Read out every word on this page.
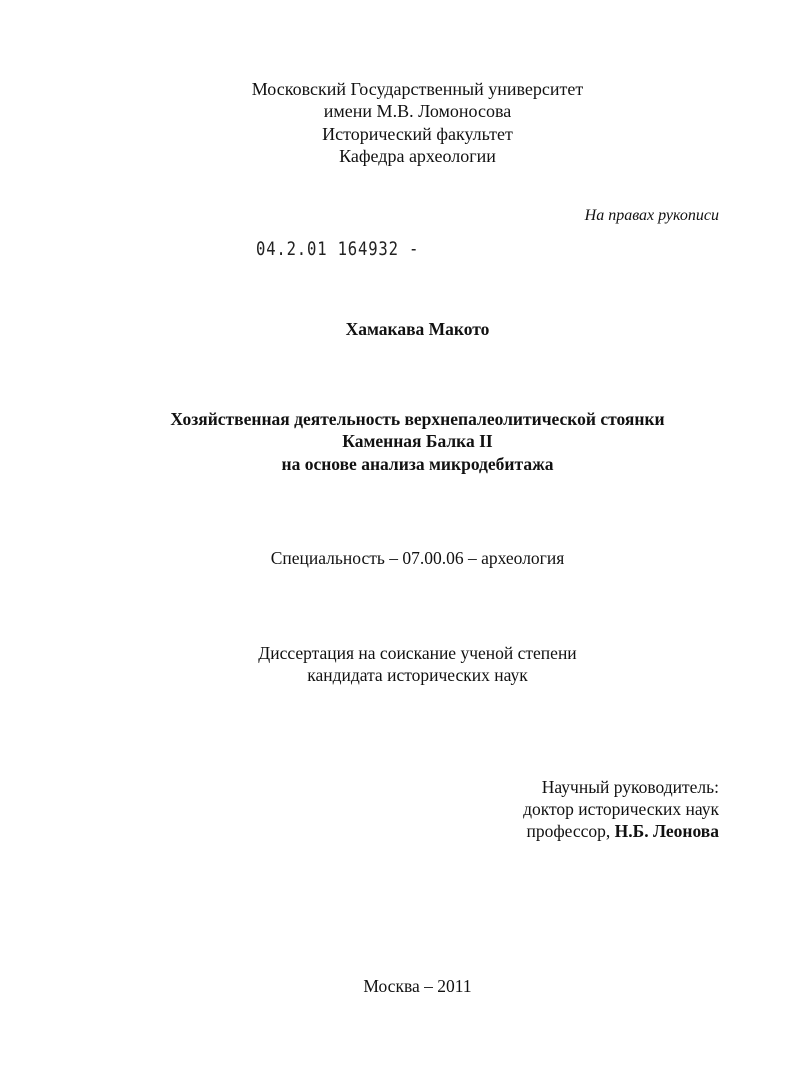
Московский Государственный университет
имени М.В. Ломоносова
Исторический факультет
Кафедра археологии
На правах рукописи
04.2.01 164932 -
Хамакава Макото
Хозяйственная деятельность верхнепалеолитической стоянки
Каменная Балка II
на основе анализа микродебитажа
Специальность – 07.00.06 – археология
Диссертация на соискание ученой степени
кандидата исторических наук
Научный руководитель:
доктор исторических наук
профессор, Н.Б. Леонова
Москва – 2011
